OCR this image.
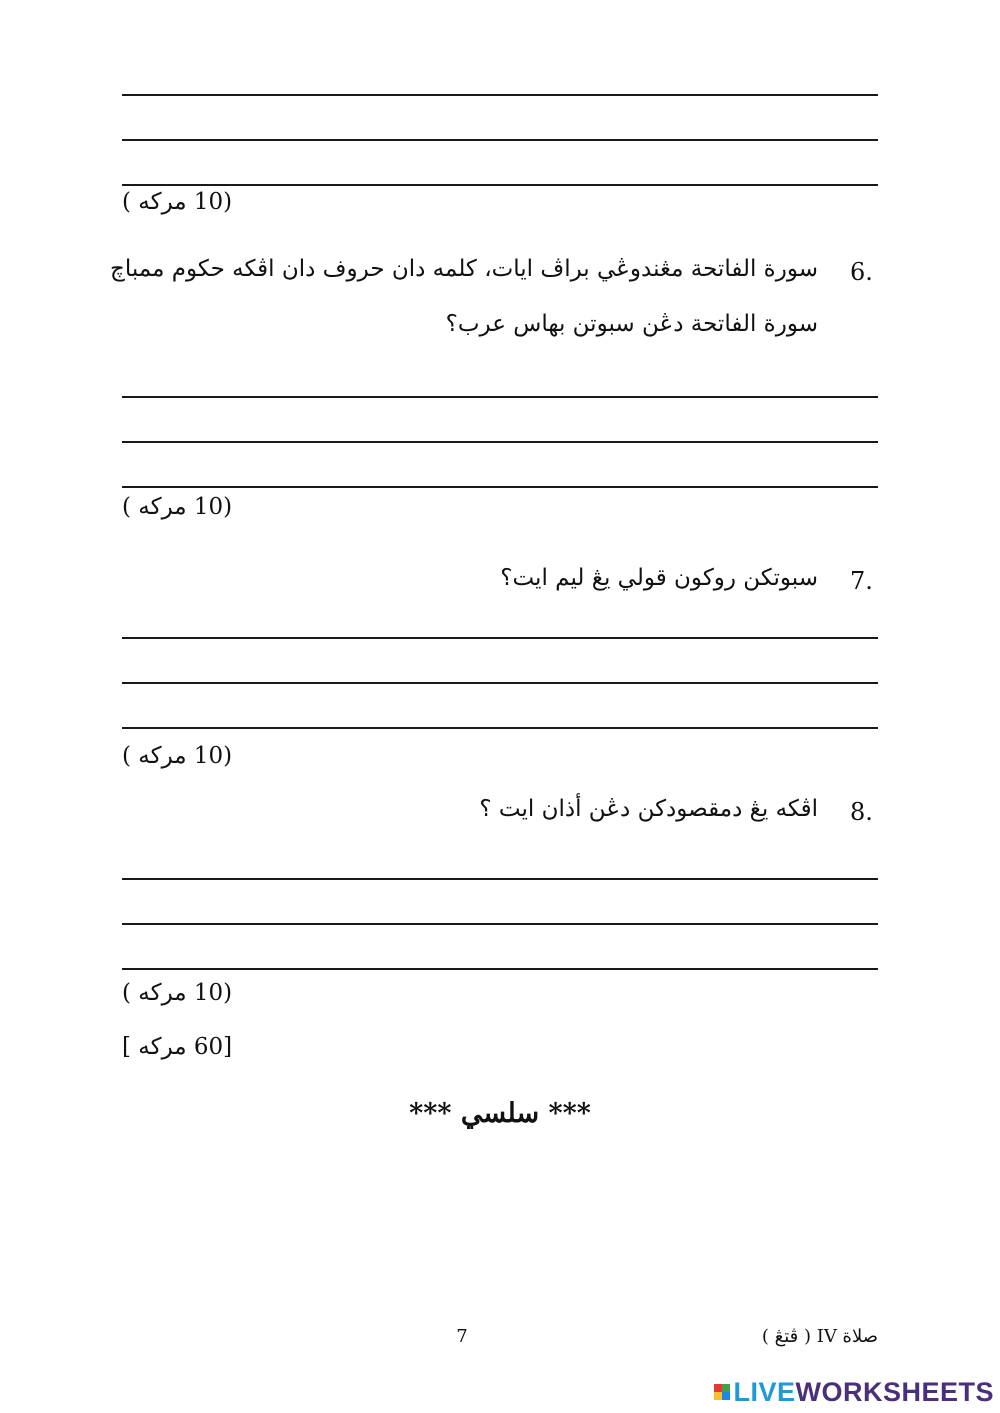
(10 مركه )
6.
سورة الفاتحة مڠندوڠي براڤ ايات، كلمه دان حروف دان اڤكه حكوم ممباچ
سورة الفاتحة دڠن سبوتن بهاس عرب؟
(10 مركه )
7.
سبوتكن روكون قولي يڠ ليم ايت؟
(10 مركه )
8.
اڤكه يڠ دمقصودكن دڠن أذان ايت ؟
(10 مركه )
[60 مركه ]
*** سلسي ***
7	صلاة IV ( ڤتڠ )
LIVEWORKSHEETS
